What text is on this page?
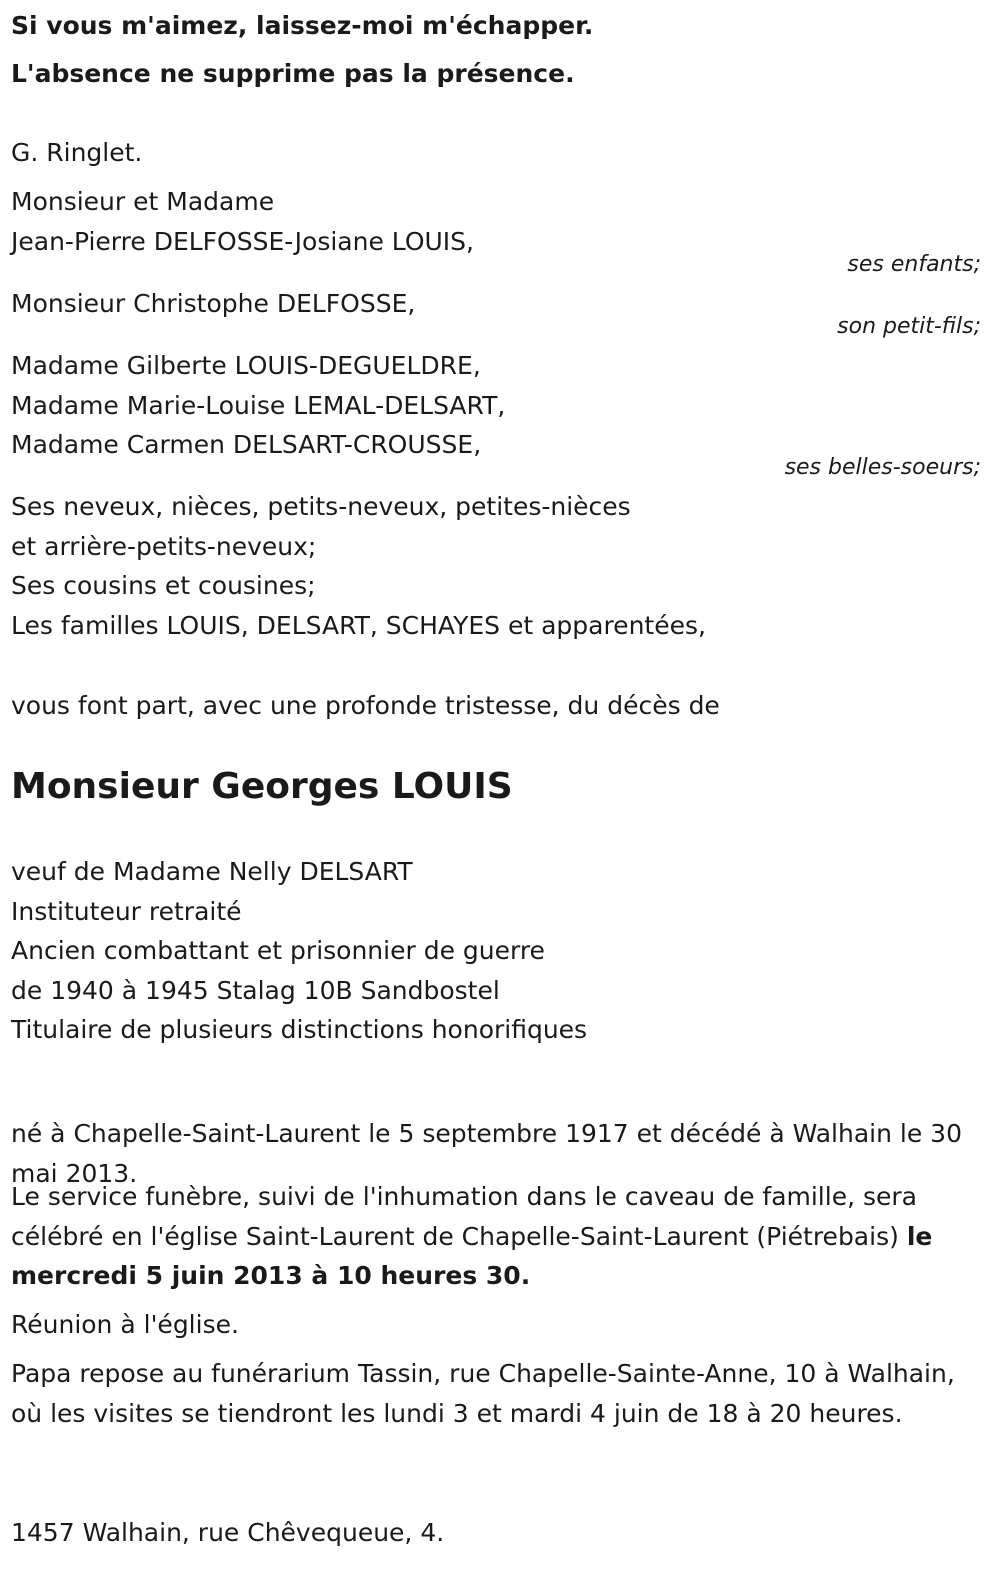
Si vous m'aimez, laissez-moi m'échapper.
L'absence ne supprime pas la présence.
G. Ringlet.
Monsieur et Madame
Jean-Pierre DELFOSSE-Josiane LOUIS,
ses enfants;
Monsieur Christophe DELFOSSE,
son petit-fils;
Madame Gilberte LOUIS-DEGUELDRE,
Madame Marie-Louise LEMAL-DELSART,
Madame Carmen DELSART-CROUSSE,
ses belles-soeurs;
Ses neveux, nièces, petits-neveux, petites-nièces
et arrière-petits-neveux;
Ses cousins et cousines;
Les familles LOUIS, DELSART, SCHAYES et apparentées,
vous font part, avec une profonde tristesse, du décès de
Monsieur Georges LOUIS
veuf de Madame Nelly DELSART
Instituteur retraité
Ancien combattant et prisonnier de guerre
de 1940 à 1945 Stalag 10B Sandbostel
Titulaire de plusieurs distinctions honorifiques

né à Chapelle-Saint-Laurent le 5 septembre 1917 et décédé à Walhain le 30 mai 2013.

Le service funèbre, suivi de l'inhumation dans le caveau de famille, sera célébré en l'église Saint-Laurent de Chapelle-Saint-Laurent (Piétrebais) le mercredi 5 juin 2013 à 10 heures 30.

Réunion à l'église.

Papa repose au funérarium Tassin, rue Chapelle-Sainte-Anne, 10 à Walhain, où les visites se tiendront les lundi 3 et mardi 4 juin de 18 à 20 heures.

1457 Walhain, rue Chêvequeue, 4.
